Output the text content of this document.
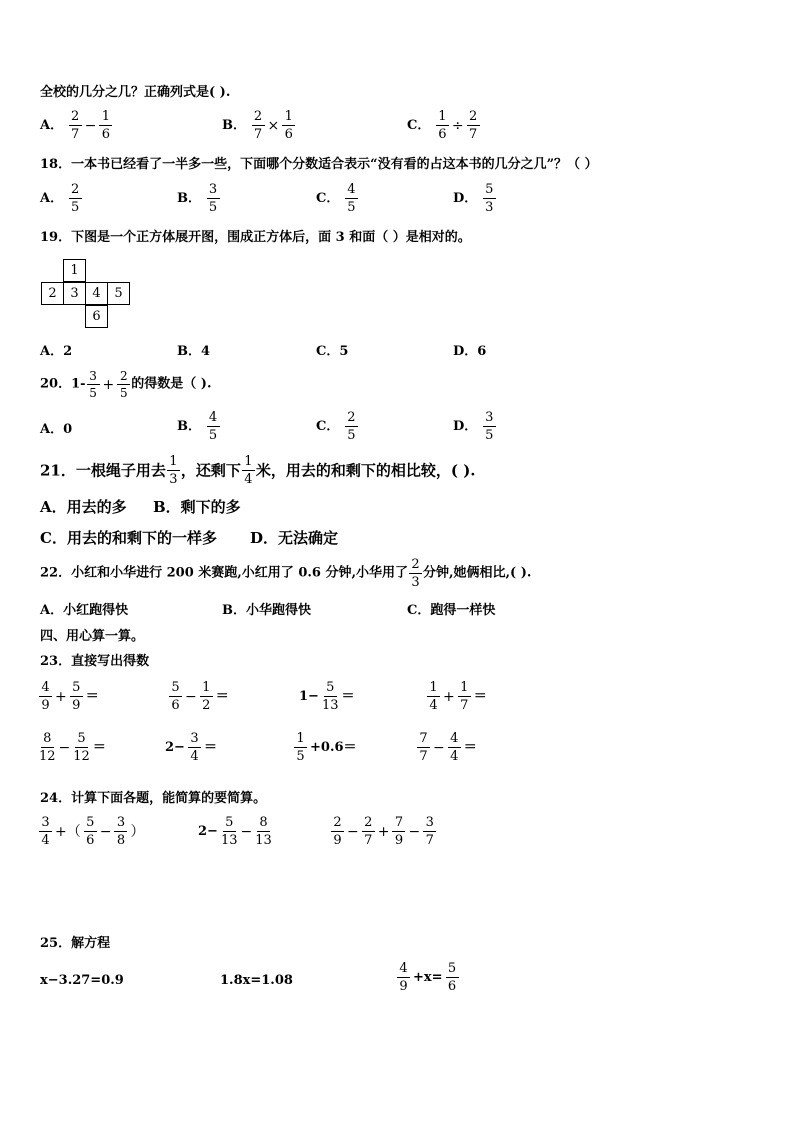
全校的几分之几？正确列式是( ).
A． $\frac{2}{7} - \frac{1}{6}$	B． $\frac{2}{7} \times \frac{1}{6}$	C． $\frac{1}{6} \div \frac{2}{7}$
18．一本书已经看了一半多一些，下面哪个分数适合表示“没有看的占这本书的几分之几”？（ ）
A． $\frac{2}{5}$	B． $\frac{3}{5}$	C． $\frac{4}{5}$	D． $\frac{5}{3}$
19．下图是一个正方体展开图，围成正方体后，面 3 和面（ ）是相对的。
1
2	3	4	5
6
A．2	B．4	C．5	D．6
20．$1- \frac{3}{5} + \frac{2}{5}$ 的得数是（ ).
A．0	B． $\frac{4}{5}$	C． $\frac{2}{5}$	D． $\frac{3}{5}$
21．一根绳子用去 $\frac{1}{3}$ ，还剩下 $\frac{1}{4}$ 米，用去的和剩下的相比较，( ).
A．用去的多 B．剩下的多
C．用去的和剩下的一样多 D．无法确定
22．小红和小华进行 200 米赛跑,小红用了 0.6 分钟,小华用了 $\frac{2}{3}$ 分钟,她俩相比,( ).
A．小红跑得快	B．小华跑得快	C．跑得一样快
四、用心算一算。
23．直接写出得数
$\frac{4}{9} + \frac{5}{9}$ ＝	$\frac{5}{6} - \frac{1}{2}$ ＝	$1- \frac{5}{13}$ ＝	$\frac{1}{4} + \frac{1}{7}$ ＝
$\frac{8}{12} - \frac{5}{12}$ ＝	$2- \frac{3}{4}$ ＝	$\frac{1}{5} +0.6=$	$\frac{7}{7} - \frac{4}{4}$ ＝
24．计算下面各题，能简算的要简算。
$\frac{3}{4}$ +（ $\frac{5}{6} - \frac{3}{8}$ ）	$2- \frac{5}{13} - \frac{8}{13}$	$\frac{2}{9} - \frac{2}{7} + \frac{7}{9} - \frac{3}{7}$
25．解方程
x−3.27=0.9	1.8x=1.08	$\frac{4}{9} +x= \frac{5}{6}$
